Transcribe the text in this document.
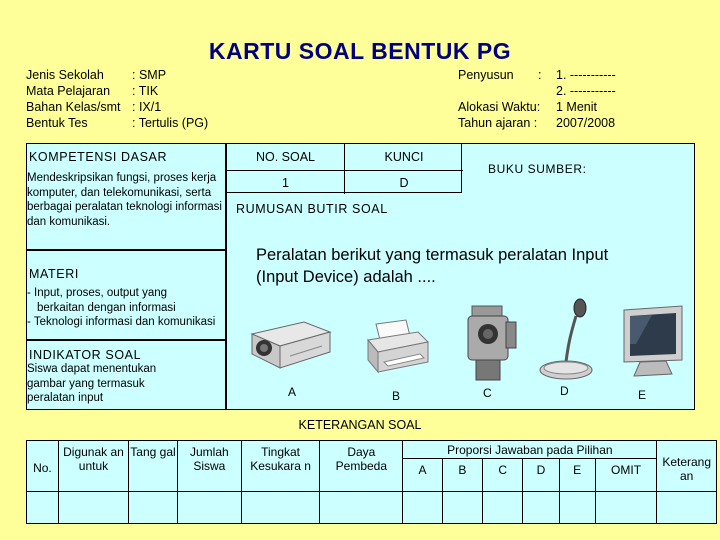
KARTU SOAL BENTUK PG
Jenis Sekolah	: SMP
Mata Pelajaran	: TIK
Bahan Kelas/smt : IX/1
Bentuk Tes	: Tertulis (PG)
Penyusun	:	1. -----------
2. -----------
Alokasi Waktu:	1 Menit
Tahun ajaran :	2007/2008
KOMPETENSI DASAR
Mendeskripsikan fungsi, proses kerja komputer, dan telekomunikasi, serta berbagai peralatan teknologi informasi dan komunikasi.
MATERI
- Input, proses, output yang
berkaitan dengan informasi
- Teknologi informasi dan komunikasi
INDIKATOR SOAL
Siswa dapat menentukan gambar yang termasuk peralatan input
NO. SOAL	KUNCI
1	D
BUKU SUMBER:
RUMUSAN BUTIR SOAL
Peralatan berikut yang termasuk peralatan Input (Input Device) adalah ....
A	B	C	D	E
KETERANGAN SOAL
No.	Digunak an untuk	Tang gal	Jumlah Siswa	Tingkat Kesukara n	Daya Pembeda	Proporsi Jawaban pada Pilihan						Keterang an
						A	B	C	D	E	OMIT	
